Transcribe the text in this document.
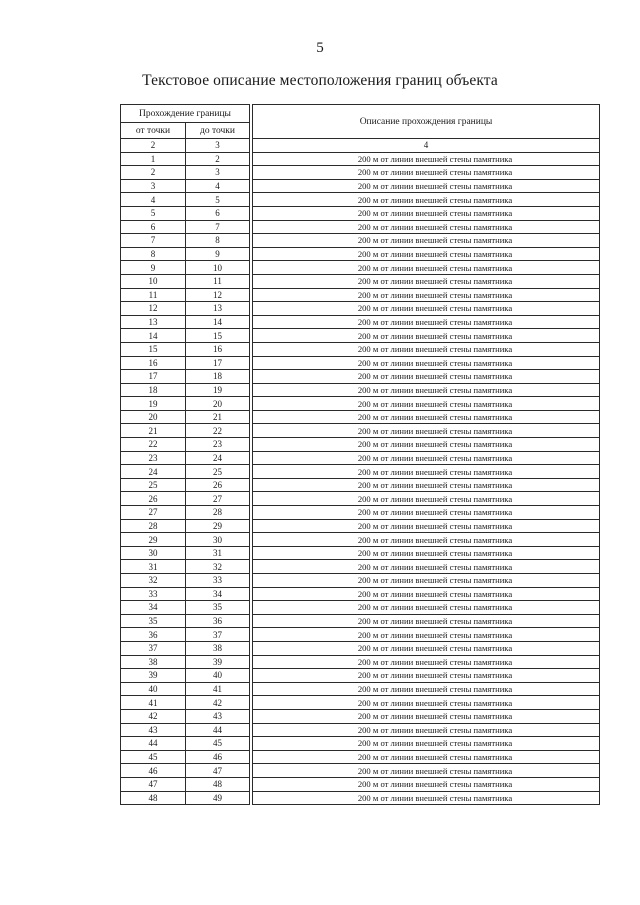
5
Текстовое описание местоположения границ объекта
Прохождение границы			Описание прохождения границы
от точки	до точки		
2	3		4
1	2		200 м от линии внешней стены памятника
2	3		200 м от линии внешней стены памятника
3	4		200 м от линии внешней стены памятника
4	5		200 м от линии внешней стены памятника
5	6		200 м от линии внешней стены памятника
6	7		200 м от линии внешней стены памятника
7	8		200 м от линии внешней стены памятника
8	9		200 м от линии внешней стены памятника
9	10		200 м от линии внешней стены памятника
10	11		200 м от линии внешней стены памятника
11	12		200 м от линии внешней стены памятника
12	13		200 м от линии внешней стены памятника
13	14		200 м от линии внешней стены памятника
14	15		200 м от линии внешней стены памятника
15	16		200 м от линии внешней стены памятника
16	17		200 м от линии внешней стены памятника
17	18		200 м от линии внешней стены памятника
18	19		200 м от линии внешней стены памятника
19	20		200 м от линии внешней стены памятника
20	21		200 м от линии внешней стены памятника
21	22		200 м от линии внешней стены памятника
22	23		200 м от линии внешней стены памятника
23	24		200 м от линии внешней стены памятника
24	25		200 м от линии внешней стены памятника
25	26		200 м от линии внешней стены памятника
26	27		200 м от линии внешней стены памятника
27	28		200 м от линии внешней стены памятника
28	29		200 м от линии внешней стены памятника
29	30		200 м от линии внешней стены памятника
30	31		200 м от линии внешней стены памятника
31	32		200 м от линии внешней стены памятника
32	33		200 м от линии внешней стены памятника
33	34		200 м от линии внешней стены памятника
34	35		200 м от линии внешней стены памятника
35	36		200 м от линии внешней стены памятника
36	37		200 м от линии внешней стены памятника
37	38		200 м от линии внешней стены памятника
38	39		200 м от линии внешней стены памятника
39	40		200 м от линии внешней стены памятника
40	41		200 м от линии внешней стены памятника
41	42		200 м от линии внешней стены памятника
42	43		200 м от линии внешней стены памятника
43	44		200 м от линии внешней стены памятника
44	45		200 м от линии внешней стены памятника
45	46		200 м от линии внешней стены памятника
46	47		200 м от линии внешней стены памятника
47	48		200 м от линии внешней стены памятника
48	49		200 м от линии внешней стены памятника
